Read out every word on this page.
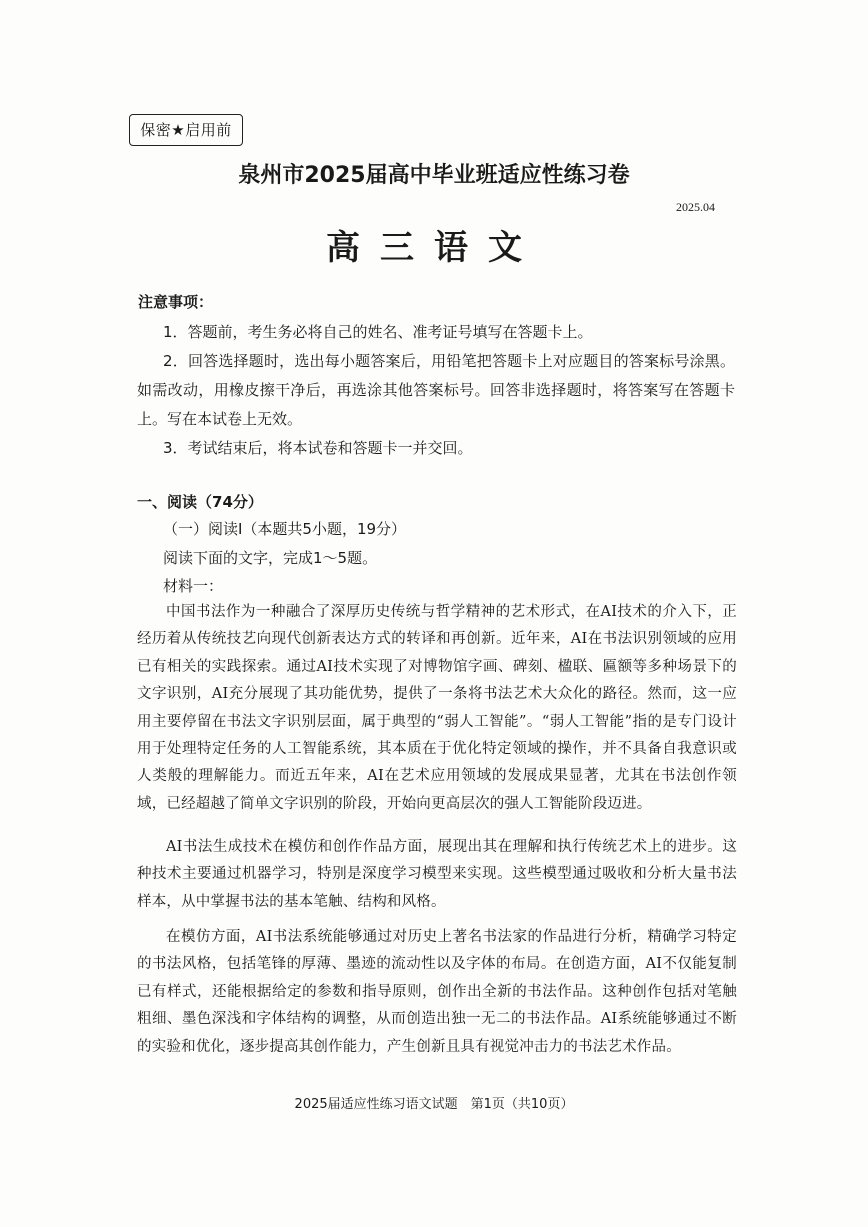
保密★启用前
泉州市2025届高中毕业班适应性练习卷
2025.04
高三语文
注意事项：
1．答题前，考生务必将自己的姓名、准考证号填写在答题卡上。
2．回答选择题时，选出每小题答案后，用铅笔把答题卡上对应题目的答案标号涂黑。如需改动，用橡皮擦干净后，再选涂其他答案标号。回答非选择题时，将答案写在答题卡上。写在本试卷上无效。
3．考试结束后，将本试卷和答题卡一并交回。
一、阅读（74分）
（一）阅读Ⅰ（本题共5小题，19分）
阅读下面的文字，完成1～5题。
材料一：
中国书法作为一种融合了深厚历史传统与哲学精神的艺术形式，在AI技术的介入下，正经历着从传统技艺向现代创新表达方式的转译和再创新。近年来，AI在书法识别领域的应用已有相关的实践探索。通过AI技术实现了对博物馆字画、碑刻、楹联、匾额等多种场景下的文字识别，AI充分展现了其功能优势，提供了一条将书法艺术大众化的路径。然而，这一应用主要停留在书法文字识别层面，属于典型的“弱人工智能”。“弱人工智能”指的是专门设计用于处理特定任务的人工智能系统，其本质在于优化特定领域的操作，并不具备自我意识或人类般的理解能力。而近五年来，AI在艺术应用领域的发展成果显著，尤其在书法创作领域，已经超越了简单文字识别的阶段，开始向更高层次的强人工智能阶段迈进。
AI书法生成技术在模仿和创作作品方面，展现出其在理解和执行传统艺术上的进步。这种技术主要通过机器学习，特别是深度学习模型来实现。这些模型通过吸收和分析大量书法样本，从中掌握书法的基本笔触、结构和风格。
在模仿方面，AI书法系统能够通过对历史上著名书法家的作品进行分析，精确学习特定的书法风格，包括笔锋的厚薄、墨迹的流动性以及字体的布局。在创造方面，AI不仅能复制已有样式，还能根据给定的参数和指导原则，创作出全新的书法作品。这种创作包括对笔触粗细、墨色深浅和字体结构的调整，从而创造出独一无二的书法作品。AI系统能够通过不断的实验和优化，逐步提高其创作能力，产生创新且具有视觉冲击力的书法艺术作品。
2025届适应性练习语文试题　第1页（共10页）
